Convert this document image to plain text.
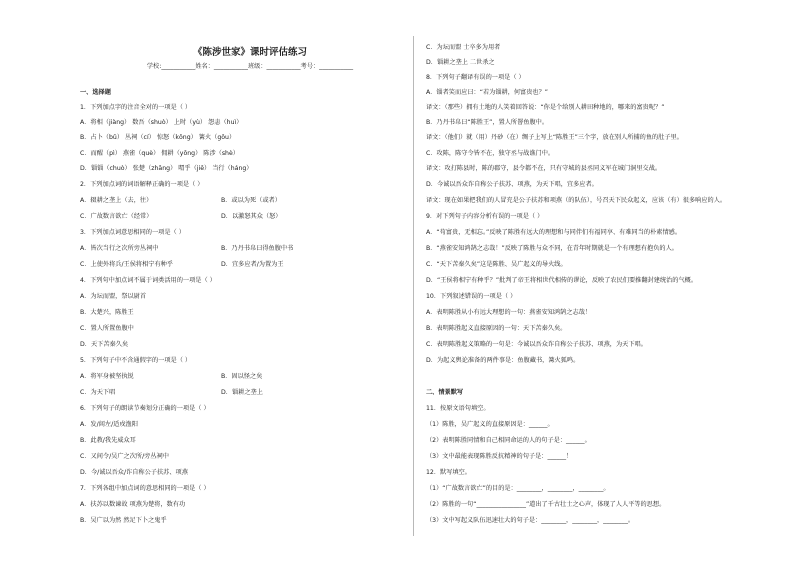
《陈涉世家》课时评估练习
学校:___________姓名：___________班级：___________考号：___________
一、选择题
1．下列加点字的注音全对的一项是（ ）
A．将相（jiàng） 数吾（shuò） 上时（yù） 怨恚（huì）
B．占卜（bǔ） 丛祠（cí） 惊怒（kōng） 篝火（gōu）
C．而醒（pì） 燕雀（què） 佣耕（yōng） 陈涉（shè）
D．锱锱（chuò） 张楚（zhāng） 喟乎（jiē） 当行（háng）
2．下列加点词的词语解释正确的一项是（ ）
A．辍耕之垄上（去，往）	B．或以为死（或者）
C．广故数言欲亡（经常）	D．以激怒其众（怒）
3．下列加点词意思相同的一项是（ ）
A．皆次当行之次所旁丛祠中	B．乃丹书帛曰得鱼腹中书
C．上使外将兵/王侯将相宁有种乎	D．宜多应者/为置为王
4．下列句中加点词不属于词类活用的一项是（ ）
A．为坛而盟，祭以尉首
B．大楚兴，陈胜王
C．置人所置鱼腹中
D．天下苦秦久矣
5．下列句子中不含通假字的一项是（ ）
A．将军身被坚执锐	B．固以怪之矣
C．为天下唱	D．锱耕之垄上
6．下列句子的朗读节奏划分正确的一项是（ ）
A．发/闾左/适戍渔阳
B．此教/我先威众耳
C．又间令/吴广之次所/旁丛祠中
D．今/诚以吾众/诈自称公子扶苏、项燕
7．下列各组中加点词的意思相同的一项是（ ）
A．扶苏以数谏故 项燕为楚将，数有功
B．吴广以为然 然足下卜之鬼乎
C．为坛而盟 士卒多为用者
D．锱耕之垄上 二世杀之
8．下列句子翻译有误的一项是（ ）
A．锱者笑而应曰：“若为锱耕，何富贵也？”
译文：（那些）拥有土地的人笑着回答说：“你是个给别人耕田种地的，哪来的富贵呢？”
B．乃丹书帛曰“陈胜王”，置人所罾鱼腹中。
译文：（他们）就（用）丹砂（在）绸子上写上“陈胜王”三个字，放在别人所捕的鱼的肚子里。
C．攻陈，陈守令皆不在，独守丞与战谯门中。
译文：攻打陈县时，陈的郡守，县令都不在，只有守城的县丞同义军在城门洞里交战。
D．今诚以吾众诈自称公子扶苏、项燕，为天下唱，宜多应者。
译文：现在如果把我们的人冒充是公子扶苏和项燕（的队伍），号召天下民众起义，应该（有）很多响应的人。
9．对下列句子内容分析有误的一项是（ ）
A．“苟富贵，无相忘。”反映了陈胜有远大的理想和与同伴们有福同享、有难同当的朴素情感。
B．“燕雀安知鸿鹄之志哉！”反映了陈胜与众不同，在青年时期就是一个有理想有抱负的人。
C．“天下苦秦久矣”这是陈胜、吴广起义的导火线。
D．“王侯将相宁有种乎？”批判了帝王将相世代相传的谬论，反映了农民们要推翻封建统治的气概。
10．下列叙述错误的一项是（ ）
A．表明陈胜从小有远大理想的一句：燕雀安知鸿鹄之志哉！
B．表明陈胜起义直接原因的一句：天下苦秦久矣。
C．表明陈胜起义策略的一句是：今诚以吾众诈自称公子扶苏、项燕，为天下唱。
D．为起义舆论准备的两件事是：鱼腹藏书，篝火狐鸣。
二、情景默写
11．按原文语句填空。
（1）陈胜，吴广起义的直接原因是：______。
（2）表明陈胜同情和自己相同命运的人的句子是：______。
（3）文中最能表现陈胜反抗精神的句子是：______！
12．默写填空。
（1）“广故数言欲亡”的目的是：________，________，________。
（2）陈胜的一句“________________”道出了千古壮士之心声，体现了人人平等的思想。
（3）文中写起义队伍迅速壮大的句子是：________，________，________。
